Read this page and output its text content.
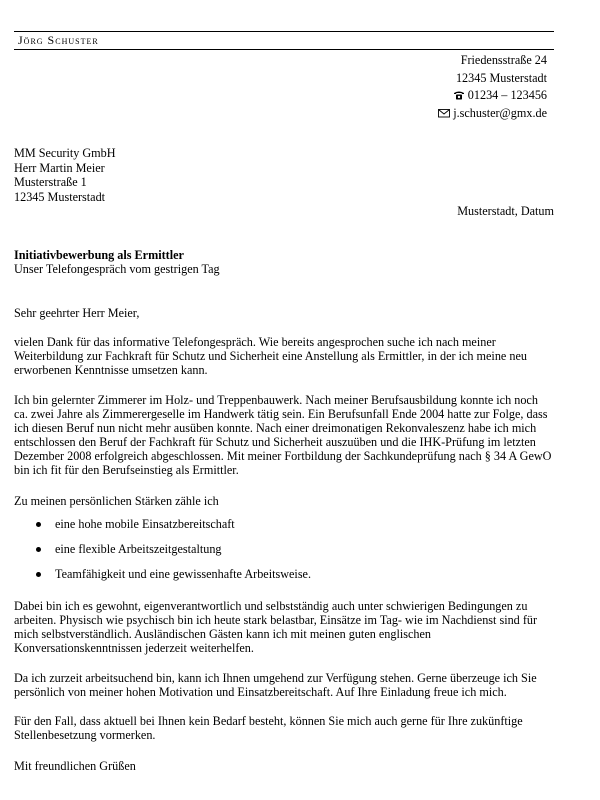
Jörg Schuster
Friedensstraße 24
12345 Musterstadt
01234 – 123456
j.schuster@gmx.de
MM Security GmbH
Herr Martin Meier
Musterstraße 1
12345 Musterstadt
Musterstadt, Datum
Initiativbewerbung als Ermittler
Unser Telefongespräch vom gestrigen Tag
Sehr geehrter Herr Meier,

vielen Dank für das informative Telefongespräch. Wie bereits angesprochen suche ich nach meiner Weiterbildung zur Fachkraft für Schutz und Sicherheit eine Anstellung als Ermittler, in der ich meine neu erworbenen Kenntnisse umsetzen kann.

Ich bin gelernter Zimmerer im Holz- und Treppenbauwerk. Nach meiner Berufsausbildung konnte ich noch ca. zwei Jahre als Zimmerergeselle im Handwerk tätig sein. Ein Berufsunfall Ende 2004 hatte zur Folge, dass ich diesen Beruf nun nicht mehr ausüben konnte. Nach einer dreimonatigen Rekonvaleszenz habe ich mich entschlossen den Beruf der Fachkraft für Schutz und Sicherheit auszuüben und die IHK-Prüfung im letzten Dezember 2008 erfolgreich abgeschlossen. Mit meiner Fortbildung der Sachkundeprüfung nach § 34 A GewO bin ich fit für den Berufseinstieg als Ermittler.

Zu meinen persönlichen Stärken zähle ich

eine hohe mobile Einsatzbereitschaft
eine flexible Arbeitszeitgestaltung
Teamfähigkeit und eine gewissenhafte Arbeitsweise.

Dabei bin ich es gewohnt, eigenverantwortlich und selbstständig auch unter schwierigen Bedingungen zu arbeiten. Physisch wie psychisch bin ich heute stark belastbar, Einsätze im Tag- wie im Nachdienst sind für mich selbstverständlich. Ausländischen Gästen kann ich mit meinen guten englischen Konversationskenntnissen jederzeit weiterhelfen.

Da ich zurzeit arbeitsuchend bin, kann ich Ihnen umgehend zur Verfügung stehen. Gerne überzeuge ich Sie persönlich von meiner hohen Motivation und Einsatzbereitschaft. Auf Ihre Einladung freue ich mich.

Für den Fall, dass aktuell bei Ihnen kein Bedarf besteht, können Sie mich auch gerne für Ihre zukünftige Stellenbesetzung vormerken.

Mit freundlichen Grüßen
